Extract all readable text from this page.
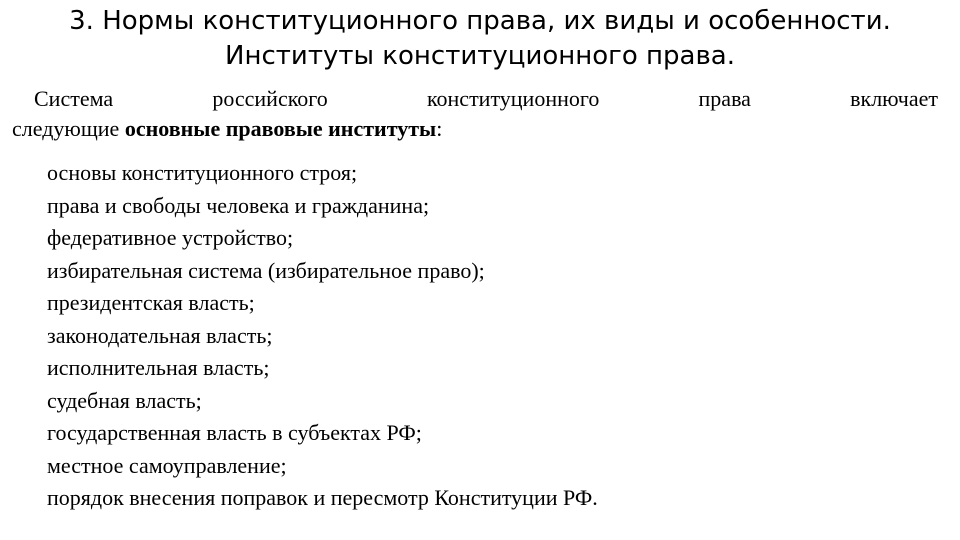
3. Нормы конституционного права, их виды и особенности.
Институты конституционного права.
Система	российского	конституционного	права	включает
следующие основные правовые институты:
основы конституционного строя;
права и свободы человека и гражданина;
федеративное устройство;
избирательная система (избирательное право);
президентская власть;
законодательная власть;
исполнительная власть;
судебная власть;
государственная власть в субъектах РФ;
местное самоуправление;
порядок внесения поправок и пересмотр Конституции РФ.
